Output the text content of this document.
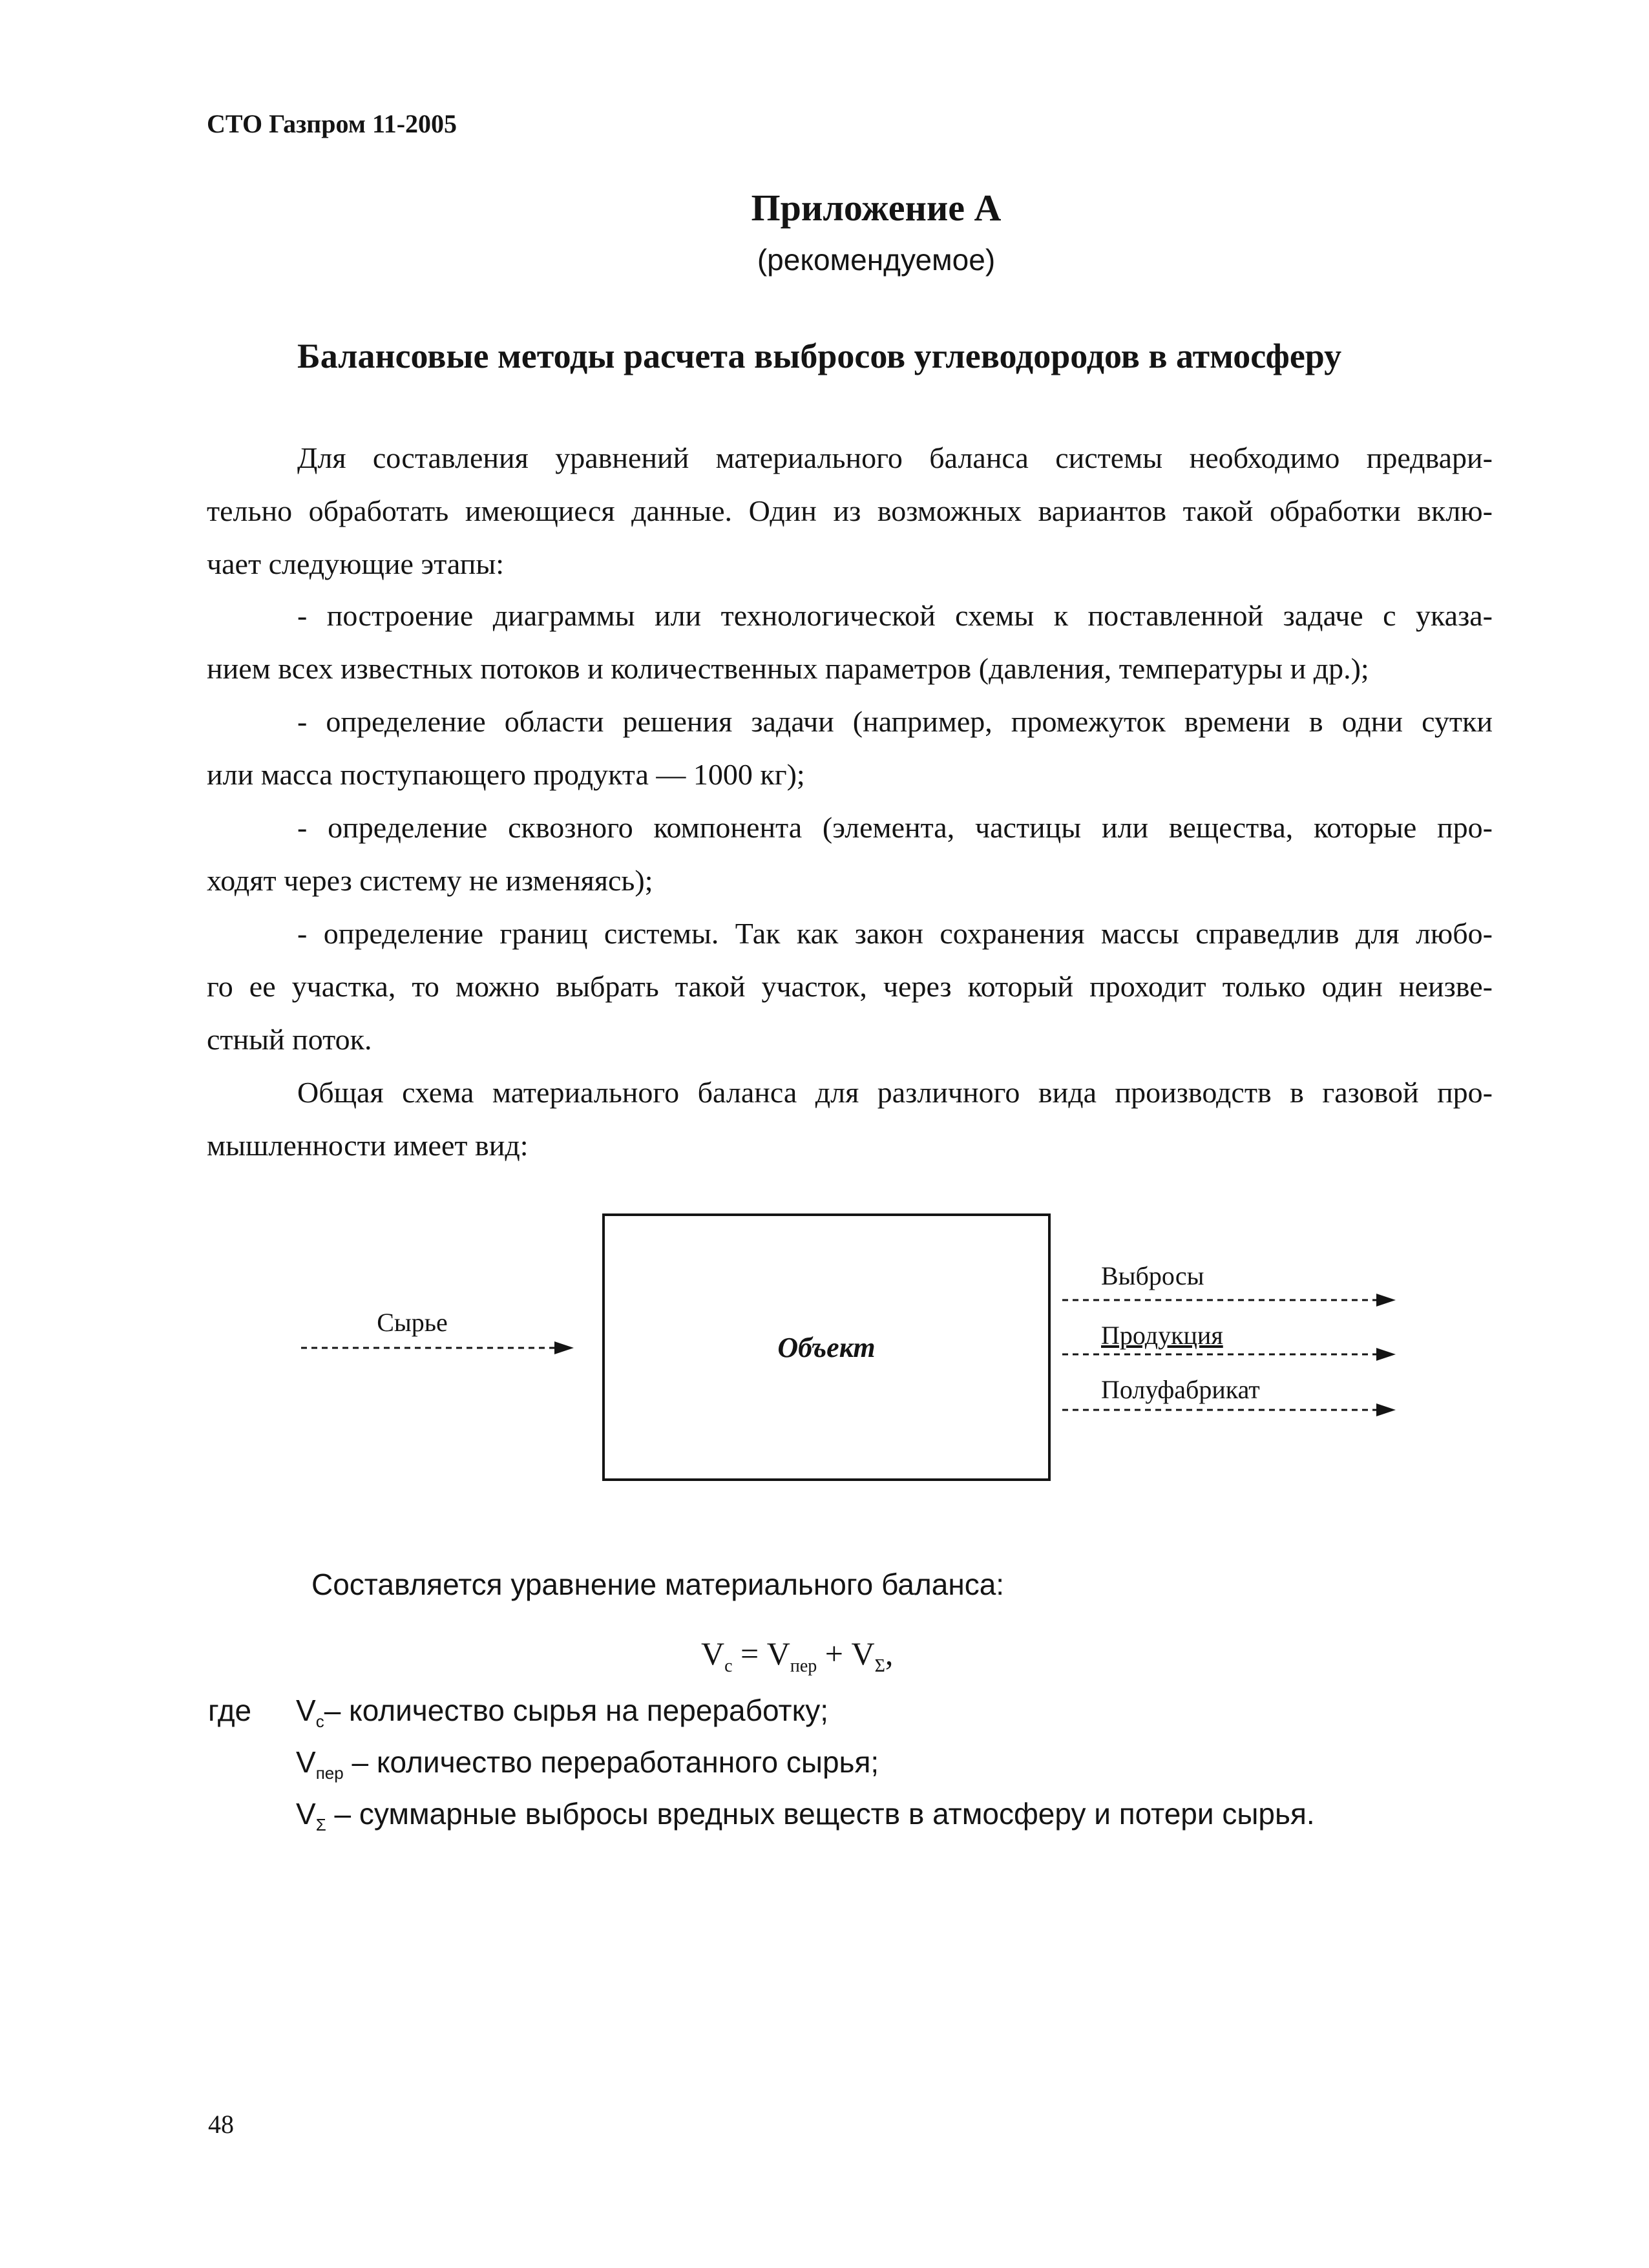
СТО Газпром 11-2005
Приложение А
(рекомендуемое)
Балансовые методы расчета выбросов углеводородов в атмосферу
Для составления уравнений материального баланса системы необходимо предвари-
тельно обработать имеющиеся данные. Один из возможных вариантов такой обработки вклю-
чает следующие этапы:
- построение диаграммы или технологической схемы к поставленной задаче с указа-
нием всех известных потоков и количественных параметров (давления, температуры и др.);
- определение области решения задачи (например, промежуток времени в одни сутки
или масса поступающего продукта — 1000 кг);
- определение сквозного компонента (элемента, частицы или вещества, которые про-
ходят через систему не изменяясь);
- определение границ системы. Так как закон сохранения массы справедлив для любо-
го ее участка, то можно выбрать такой участок, через который проходит только один неизве-
стный поток.
Общая схема материального баланса для различного вида производств в газовой про-
мышленности имеет вид:
Объект
Сырье
Выбросы
Продукция
Полуфабрикат
Составляется уравнение материального баланса:
$V_с = V_{пер} + V_\Sigma$,
где $V_с-$ количество сырья на переработку;
$V_{пер}$ – количество переработанного сырья;
$V_\Sigma$ – суммарные выбросы вредных веществ в атмосферу и потери сырья.
48
